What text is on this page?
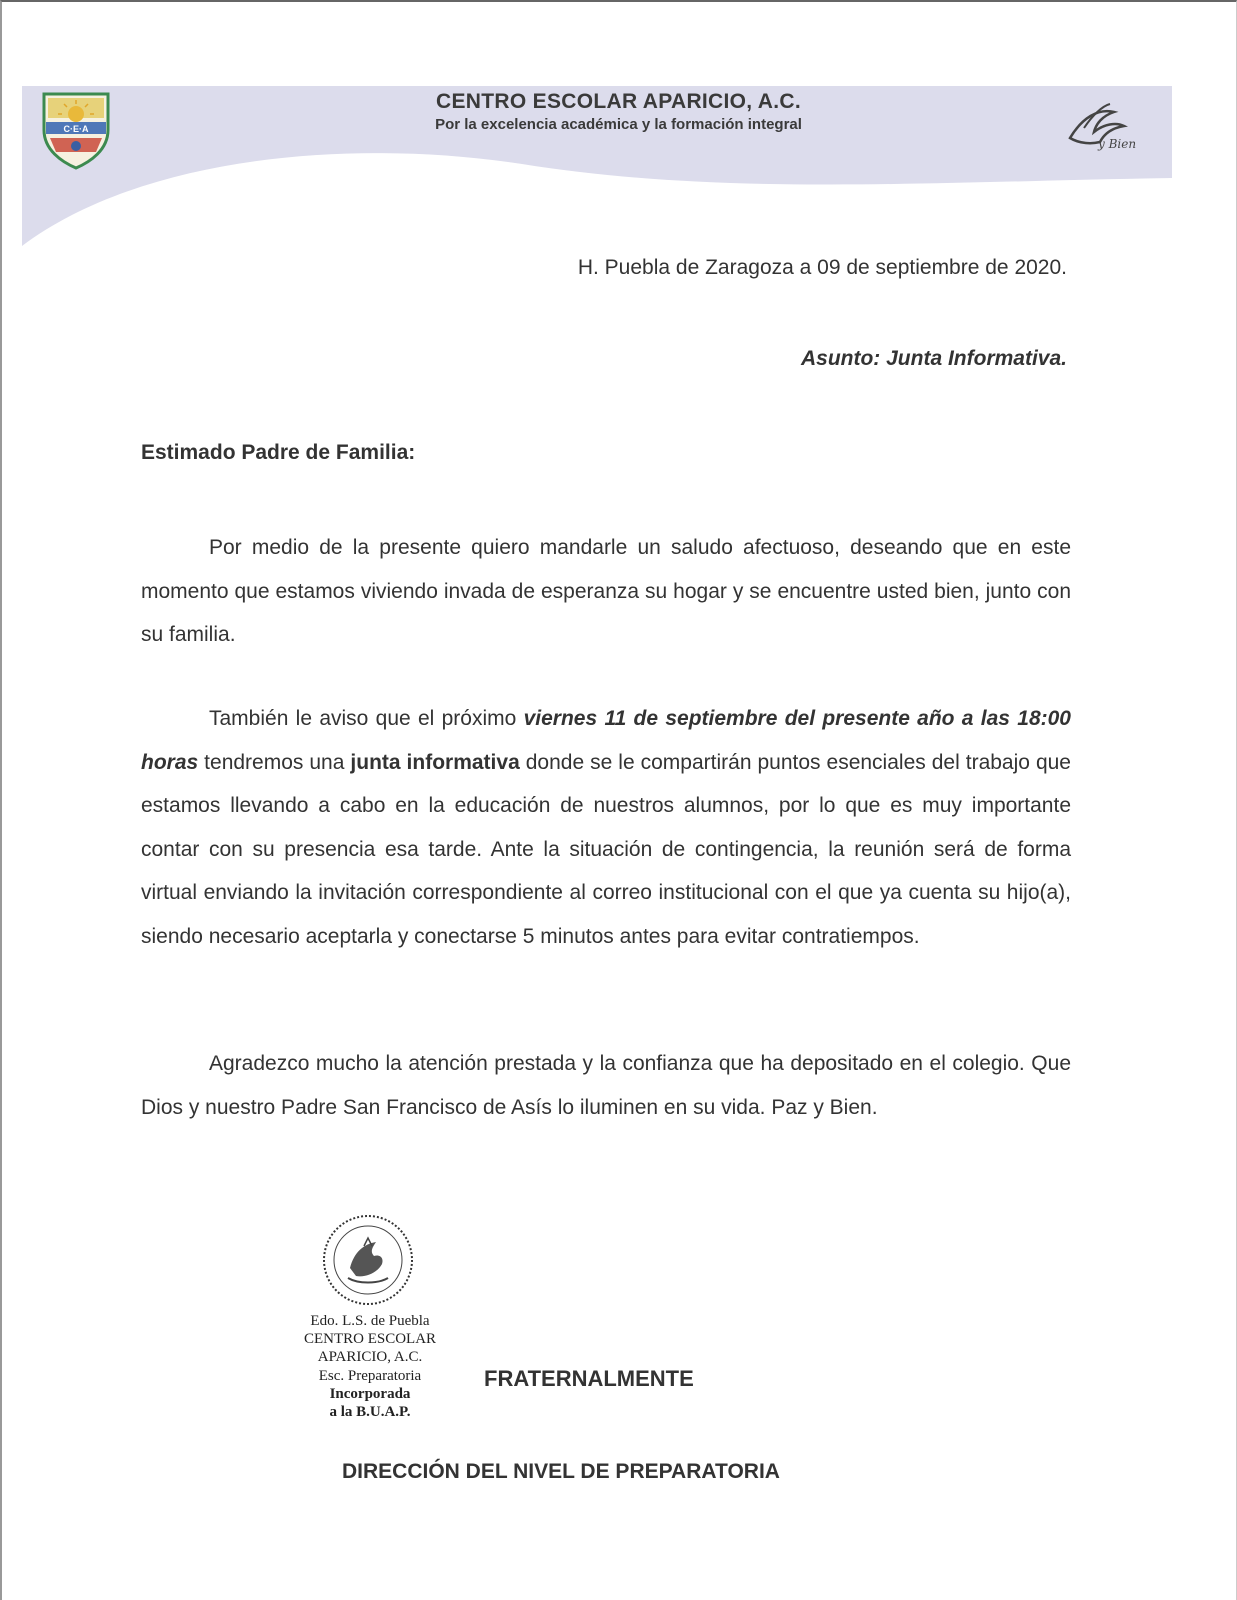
C·E·A
CENTRO ESCOLAR APARICIO, A.C.
Por la excelencia académica y la formación integral
y Bien
H. Puebla de Zaragoza a 09 de septiembre de 2020.
Asunto: Junta Informativa.
Estimado Padre de Familia:

Por medio de la presente quiero mandarle un saludo afectuoso, deseando que en este momento que estamos viviendo invada de esperanza su hogar y se encuentre usted bien, junto con su familia.

También le aviso que el próximo viernes 11 de septiembre del presente año a las 18:00 horas tendremos una junta informativa donde se le compartirán puntos esenciales del trabajo que estamos llevando a cabo en la educación de nuestros alumnos, por lo que es muy importante contar con su presencia esa tarde. Ante la situación de contingencia, la reunión será de forma virtual enviando la invitación correspondiente al correo institucional con el que ya cuenta su hijo(a), siendo necesario aceptarla y conectarse 5 minutos antes para evitar contratiempos.

Agradezco mucho la atención prestada y la confianza que ha depositado en el colegio. Que Dios y nuestro Padre San Francisco de Asís lo iluminen en su vida. Paz y Bien.

Edo. L.S. de Puebla
CENTRO ESCOLAR
APARICIO, A.C.
Esc. Preparatoria
Incorporada
a la B.U.A.P.
FRATERNALMENTE
DIRECCIÓN DEL NIVEL DE PREPARATORIA
